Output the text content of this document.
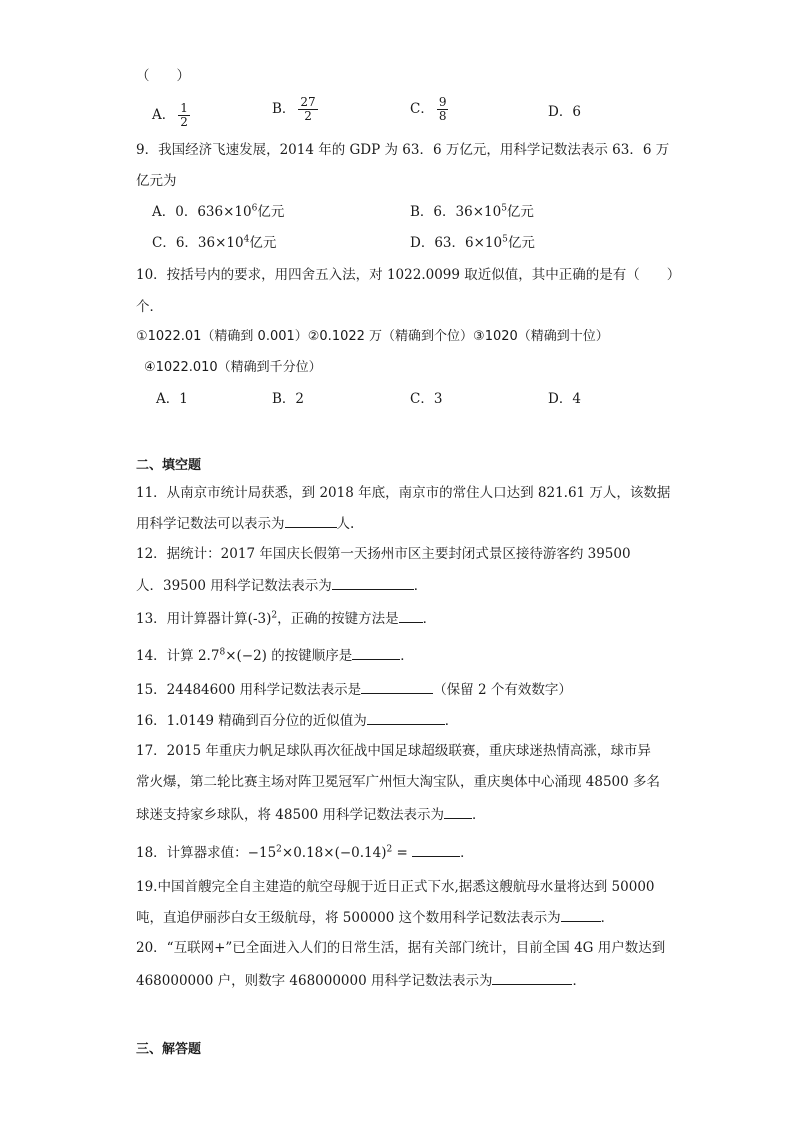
（　　）
A． $\frac{1}{2}$	B． $\frac{27}{2}$	C． $\frac{9}{8}$	D．6
9．我国经济飞速发展，2014 年的 GDP 为 63．6 万亿元，用科学记数法表示 63．6 万
亿元为
A．0．$636\times 10^6$亿元	B．6．$36\times 10^5$亿元
C．6．$36\times 10^4$亿元	D．63．$6\times 10^5$亿元
10．按括号内的要求，用四舍五入法，对 1022.0099 取近似值，其中正确的是有（　　）
个．
①1022.01（精确到 0.001）②0.1022 万（精确到个位）③1020（精确到十位）
④1022.010（精确到千分位）
A．1	B．2	C．3	D．4
二、填空题
11．从南京市统计局获悉，到 2018 年底，南京市的常住人口达到 821.61 万人，该数据
用科学记数法可以表示为	人.
12．据统计：2017 年国庆长假第一天扬州市区主要封闭式景区接待游客约 39500
人．39500 用科学记数法表示为	．
13．用计算器计算$(-3)^2$，正确的按键方法是 ．
14．计算 $2.7^8\times(-2)$ 的按键顺序是	．
15．24484600 用科学记数法表示是	（保留 2 个有效数字）
16．1.0149 精确到百分位的近似值为	．
17．2015 年重庆力帆足球队再次征战中国足球超级联赛，重庆球迷热情高涨，球市异
常火爆，第二轮比赛主场对阵卫冕冠军广州恒大淘宝队，重庆奥体中心涌现 48500 多名
球迷支持家乡球队，将 48500 用科学记数法表示为 ．
18．计算器求值：$-15^2\times 0.18\times(-0.14)^2$ =	．
19.中国首艘完全自主建造的航空母舰于近日正式下水,据悉这艘航母水量将达到 50000
吨，直追伊丽莎白女王级航母，将 500000 这个数用科学记数法表示为	．
20．“互联网+”已全面进入人们的日常生活，据有关部门统计，目前全国 4G 用户数达到
468000000 户，则数字 468000000 用科学记数法表示为	．
三、解答题
